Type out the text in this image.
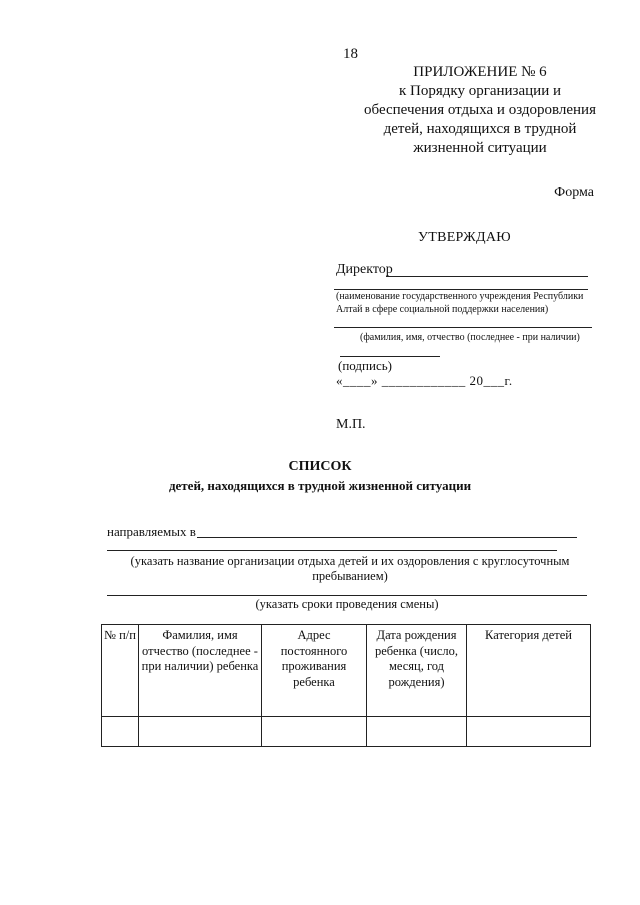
18
ПРИЛОЖЕНИЕ № 6
к Порядку организации и
обеспечения отдыха и оздоровления
детей, находящихся в трудной
жизненной ситуации
Форма
УТВЕРЖДАЮ
Директор
(наименование государственного учреждения Республики Алтай в сфере социальной поддержки населения)
(фамилия, имя, отчество (последнее - при наличии)
(подпись)
«____» ____________ 20___г.
М.П.
СПИСОК
детей, находящихся в трудной жизненной ситуации
направляемых в
(указать название организации отдыха детей и их оздоровления с круглосуточным пребыванием)
(указать сроки проведения смены)
№ п/п	Фамилия, имя отчество (последнее - при наличии) ребенка	Адрес постоянного проживания ребенка	Дата рождения ребенка (число, месяц, год рождения)	Категория детей
